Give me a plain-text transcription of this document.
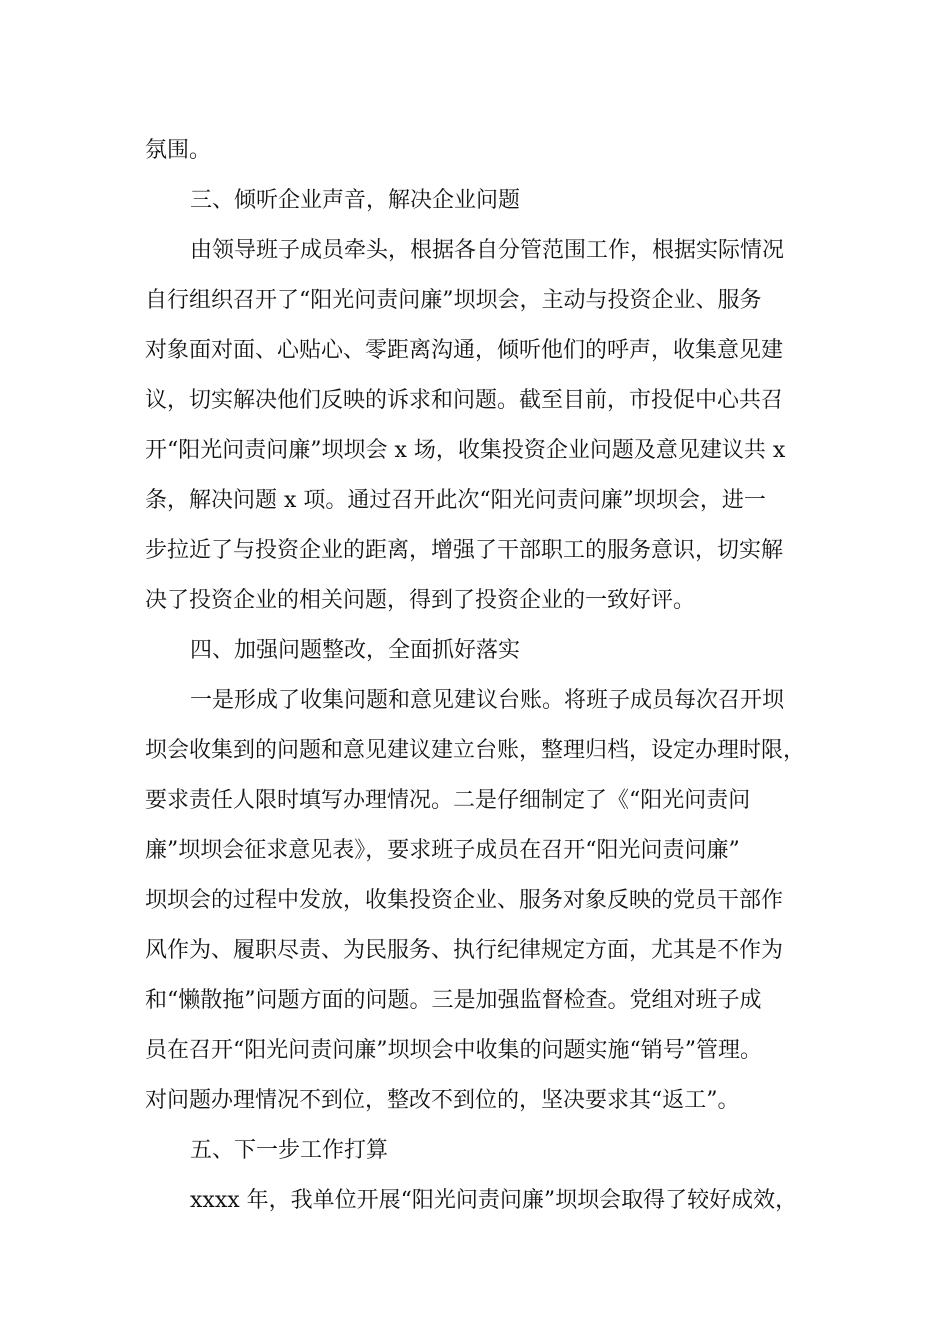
氛围。
三、倾听企业声音，解决企业问题
由领导班子成员牵头，根据各自分管范围工作，根据实际情况
自行组织召开了“阳光问责问廉”坝坝会，主动与投资企业、服务
对象面对面、心贴心、零距离沟通，倾听他们的呼声，收集意见建
议，切实解决他们反映的诉求和问题。截至目前，市投促中心共召
开“阳光问责问廉”坝坝会 x 场，收集投资企业问题及意见建议共 x
条，解决问题 x 项。通过召开此次“阳光问责问廉”坝坝会，进一
步拉近了与投资企业的距离，增强了干部职工的服务意识，切实解
决了投资企业的相关问题，得到了投资企业的一致好评。
四、加强问题整改，全面抓好落实
一是形成了收集问题和意见建议台账。将班子成员每次召开坝
坝会收集到的问题和意见建议建立台账，整理归档，设定办理时限，
要求责任人限时填写办理情况。二是仔细制定了《“阳光问责问
廉”坝坝会征求意见表》，要求班子成员在召开“阳光问责问廉”
坝坝会的过程中发放，收集投资企业、服务对象反映的党员干部作
风作为、履职尽责、为民服务、执行纪律规定方面，尤其是不作为
和“懒散拖”问题方面的问题。三是加强监督检查。党组对班子成
员在召开“阳光问责问廉”坝坝会中收集的问题实施“销号”管理。
对问题办理情况不到位，整改不到位的，坚决要求其“返工”。
五、下一步工作打算
xxxx 年，我单位开展“阳光问责问廉”坝坝会取得了较好成效，
